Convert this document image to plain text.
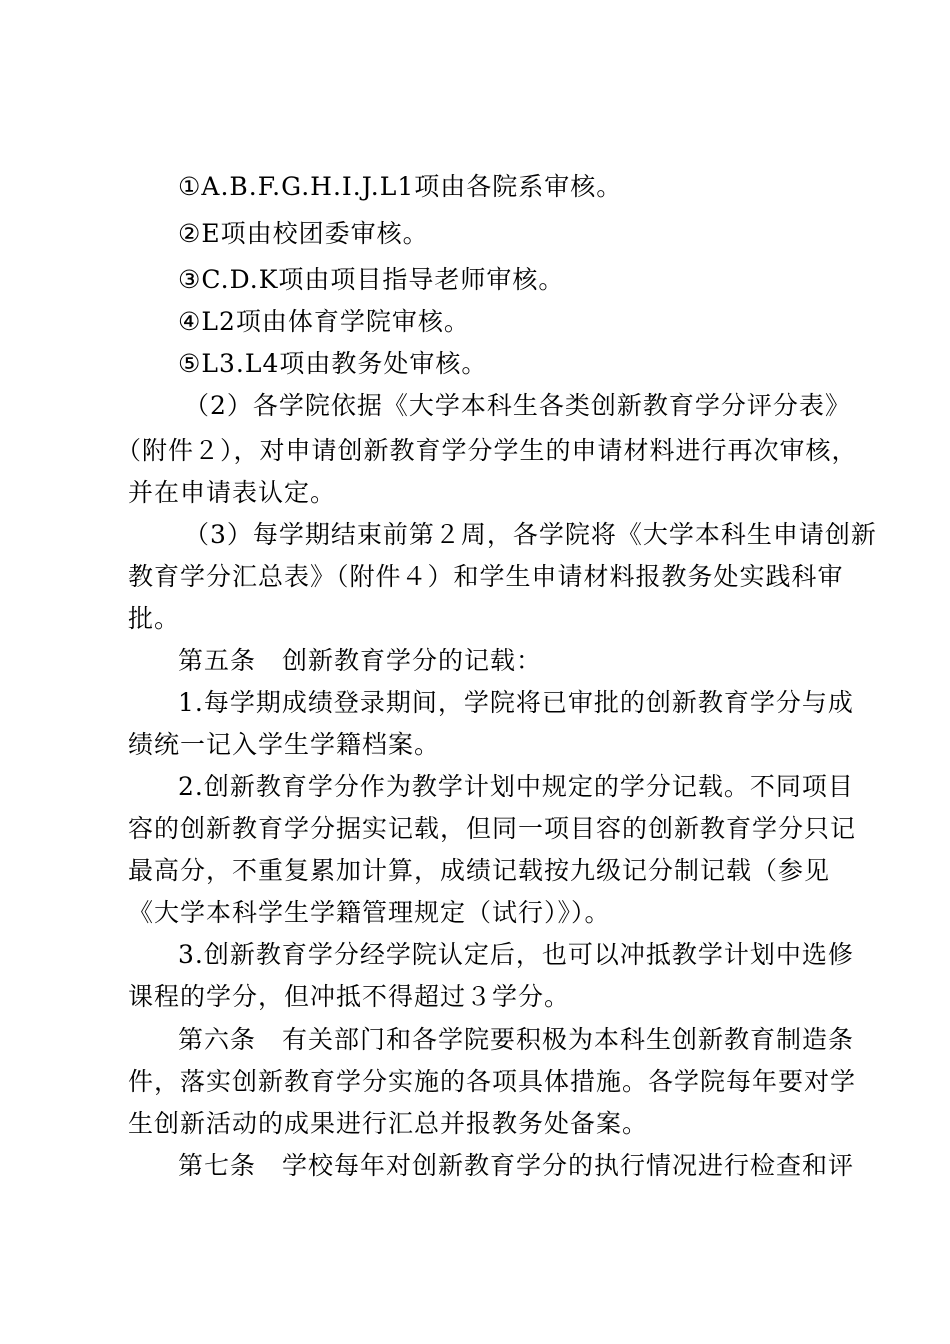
①A.B.F.G.H.I.J.L1项由各院系审核。
②E项由校团委审核。
③C.D.K项由项目指导老师审核。
④L2项由体育学院审核。
⑤L3.L4项由教务处审核。
（2）各学院依据《大学本科生各类创新教育学分评分表》
（附件２），对申请创新教育学分学生的申请材料进行再次审核，
并在申请表认定。
（3）每学期结束前第２周，各学院将《大学本科生申请创新
教育学分汇总表》（附件４）和学生申请材料报教务处实践科审
批。
第五条　创新教育学分的记载：
1.每学期成绩登录期间，学院将已审批的创新教育学分与成
绩统一记入学生学籍档案。
2.创新教育学分作为教学计划中规定的学分记载。不同项目
容的创新教育学分据实记载，但同一项目容的创新教育学分只记
最高分，不重复累加计算，成绩记载按九级记分制记载（参见
《大学本科学生学籍管理规定（试行）》）。
3.创新教育学分经学院认定后，也可以冲抵教学计划中选修
课程的学分，但冲抵不得超过３学分。
第六条　有关部门和各学院要积极为本科生创新教育制造条
件，落实创新教育学分实施的各项具体措施。各学院每年要对学
生创新活动的成果进行汇总并报教务处备案。
第七条　学校每年对创新教育学分的执行情况进行检查和评
